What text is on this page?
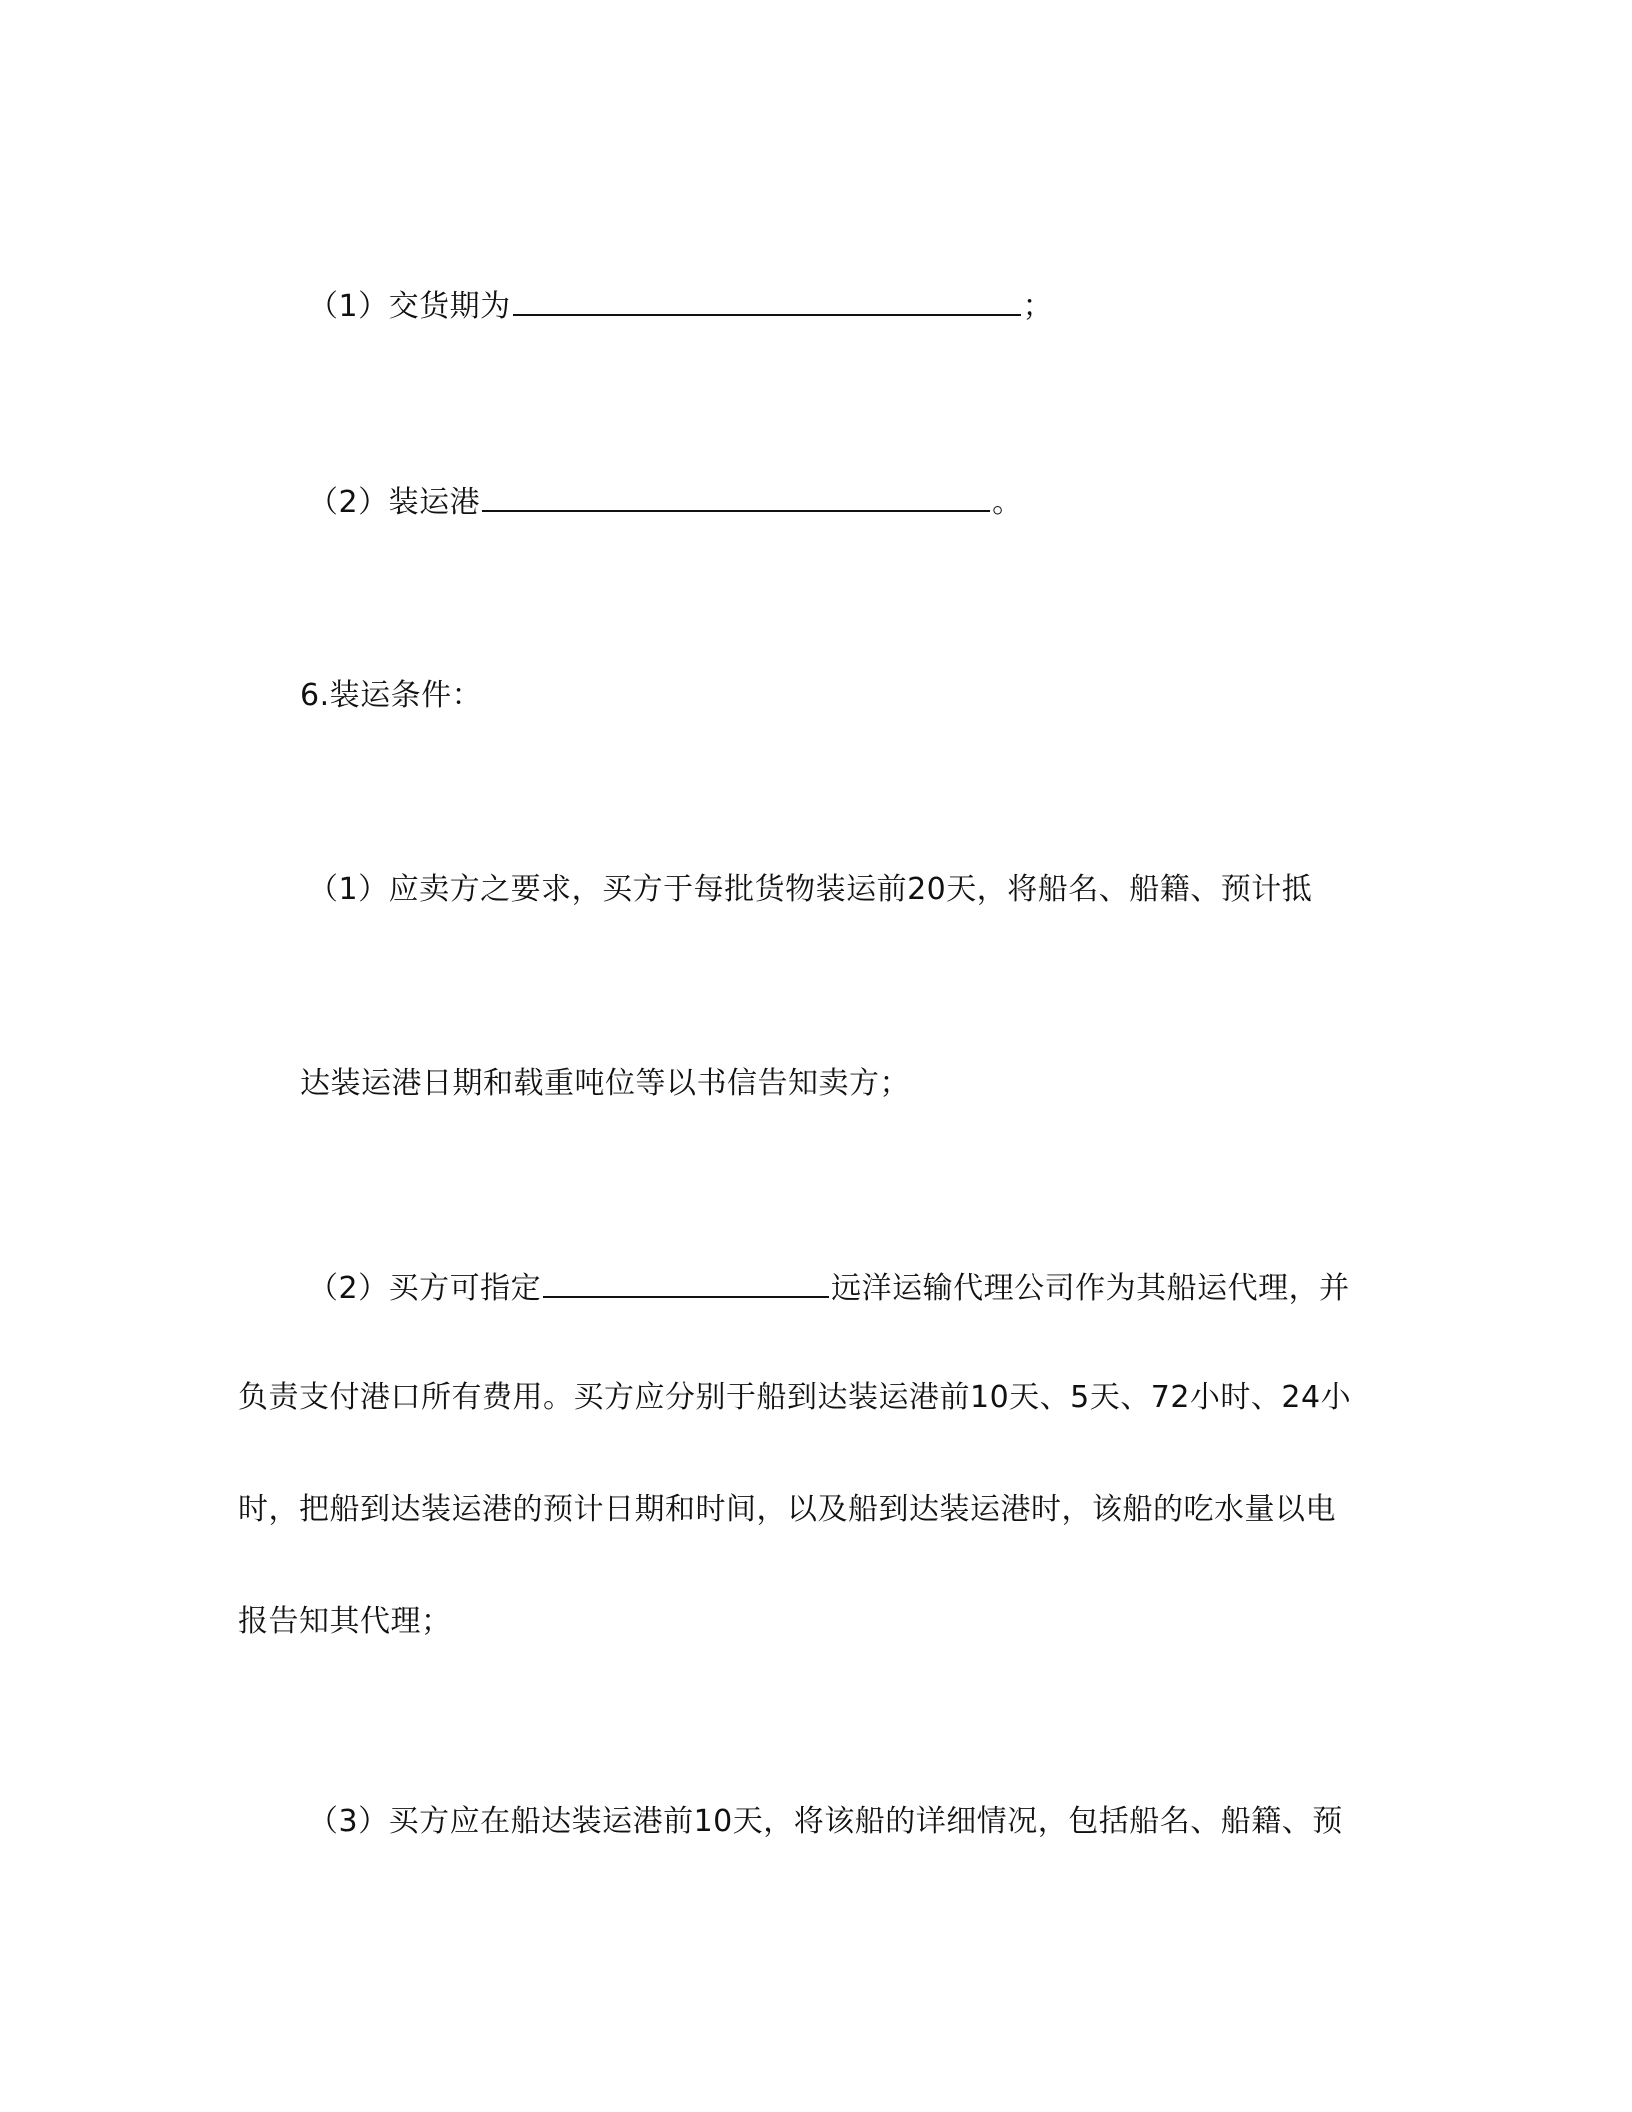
（1）交货期为	；
（2）装运港	。
6.装运条件：
（1）应卖方之要求，买方于每批货物装运前20天，将船名、船籍、预计抵
达装运港日期和载重吨位等以书信告知卖方；
（2）买方可指定	远洋运输代理公司作为其船运代理，并
负责支付港口所有费用。买方应分别于船到达装运港前10天、5天、72小时、24小
时，把船到达装运港的预计日期和时间，以及船到达装运港时，该船的吃水量以电
报告知其代理；
（3）买方应在船达装运港前10天，将该船的详细情况，包括船名、船籍、预
